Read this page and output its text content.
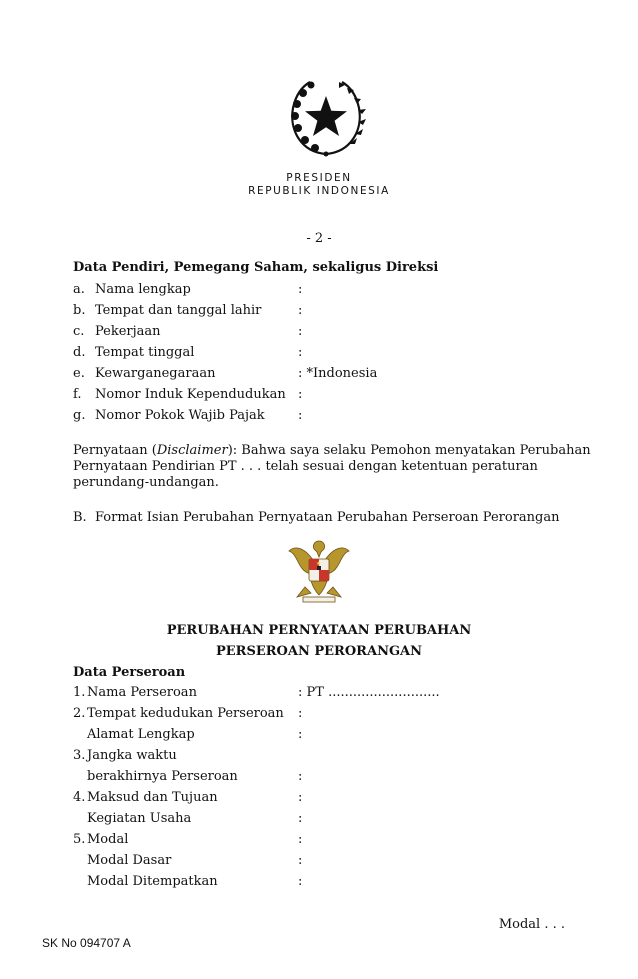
PRESIDEN
REPUBLIK INDONESIA
- 2 -
Data Pendiri, Pemegang Saham, sekaligus Direksi
a. Nama lengkap	:
b. Tempat dan tanggal lahir	:
c. Pekerjaan	:
d. Tempat tinggal	:
e. Kewarganegaraan	: *Indonesia
f. Nomor Induk Kependudukan :
g. Nomor Pokok Wajib Pajak	:
Pernyataan (Disclaimer): Bahwa saya selaku Pemohon menyatakan Perubahan
Pernyataan Pendirian PT . . . telah sesuai dengan ketentuan peraturan
perundang-undangan.
B. Format Isian Perubahan Pernyataan Perubahan Perseroan Perorangan
PERUBAHAN PERNYATAAN PERUBAHAN
PERSEROAN PERORANGAN
Data Perseroan
1. Nama Perseroan	: PT ...........................
2. Tempat kedudukan Perseroan :
Alamat Lengkap	:
3. Jangka waktu
berakhirnya Perseroan	:
4. Maksud dan Tujuan	:
Kegiatan Usaha	:
5. Modal	:
Modal Dasar	:
Modal Ditempatkan	:
Modal . . .
SK No 094707 A
